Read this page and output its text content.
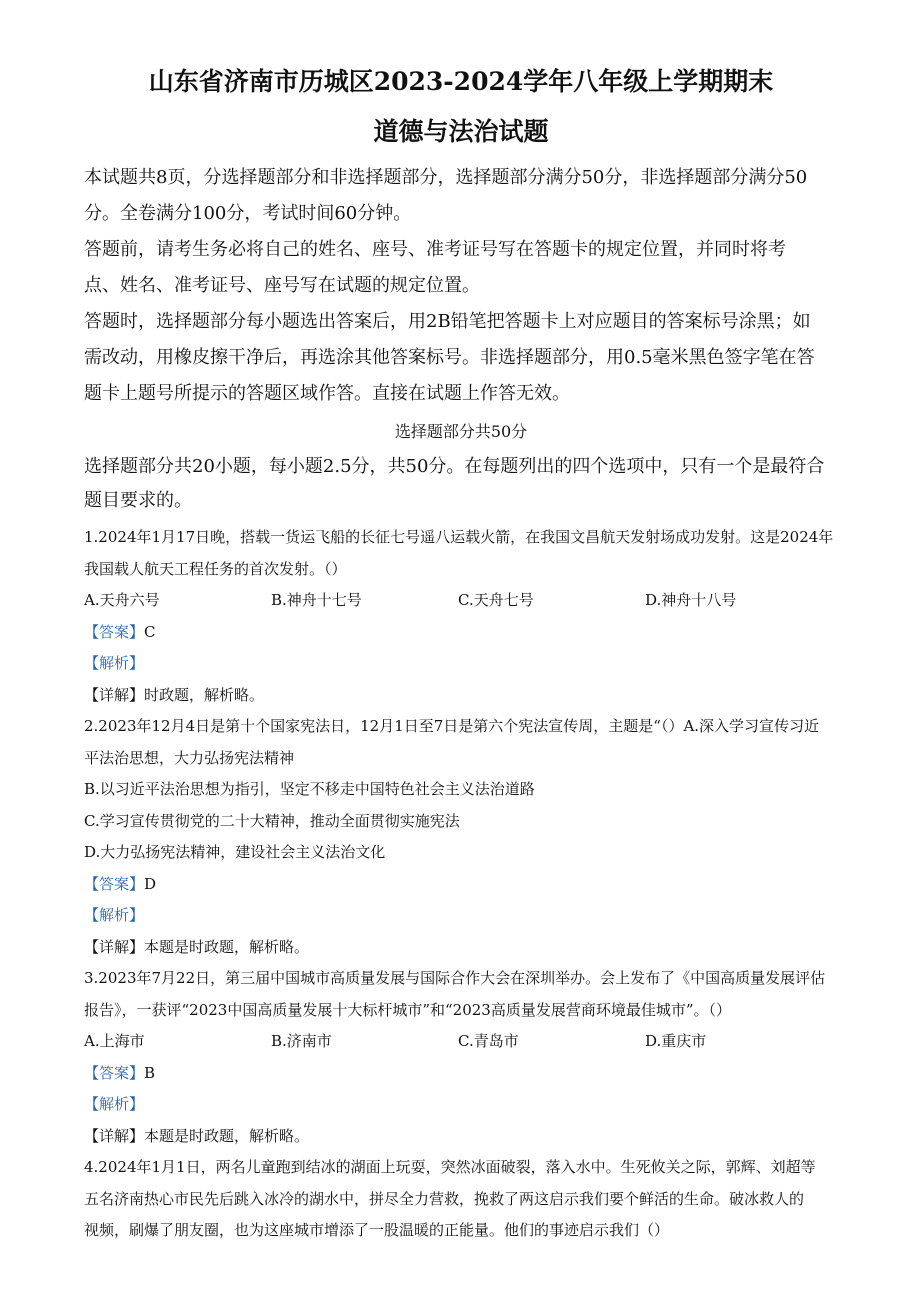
山东省济南市历城区2023-2024学年八年级上学期期末
道德与法治试题

本试题共8页，分选择题部分和非选择题部分，选择题部分满分50分，非选择题部分满分50

分。全卷满分100分，考试时间60分钟。

答题前，请考生务必将自己的姓名、座号、准考证号写在答题卡的规定位置，并同时将考

点、姓名、准考证号、座号写在试题的规定位置。

答题时，选择题部分每小题选出答案后，用2B铅笔把答题卡上对应题目的答案标号涂黑；如

需改动，用橡皮擦干净后，再选涂其他答案标号。非选择题部分，用0.5毫米黑色签字笔在答

题卡上题号所提示的答题区域作答。直接在试题上作答无效。

选择题部分共50分
选择题部分共20小题，每小题2.5分，共50分。在每题列出的四个选项中，只有一个是最符合
题目要求的。

1.2024年1月17日晚，搭载一货运飞船的长征七号遥八运载火箭，在我国文昌航天发射场成功发射。这是2024年

我国载人航天工程任务的首次发射。（）

A.天舟六号	B.神舟十七号	C.天舟七号	D.神舟十八号
【答案】C
【解析】
【详解】时政题，解析略。

2.2023年12月4日是第十个国家宪法日，12月1日至7日是第六个宪法宣传周，主题是“（）A.深入学习宣传习近

平法治思想，大力弘扬宪法精神

B.以习近平法治思想为指引，坚定不移走中国特色社会主义法治道路

C.学习宣传贯彻党的二十大精神，推动全面贯彻实施宪法

D.大力弘扬宪法精神，建设社会主义法治文化

【答案】D
【解析】
【详解】本题是时政题，解析略。

3.2023年7月22日，第三届中国城市高质量发展与国际合作大会在深圳举办。会上发布了《中国高质量发展评估

报告》，一获评“2023中国高质量发展十大标杆城市”和“2023高质量发展营商环境最佳城市”。（）

A.上海市	B.济南市	C.青岛市	D.重庆市
【答案】B
【解析】
【详解】本题是时政题，解析略。

4.2024年1月1日，两名儿童跑到结冰的湖面上玩耍，突然冰面破裂，落入水中。生死攸关之际，郭辉、刘超等

五名济南热心市民先后跳入冰冷的湖水中，拼尽全力营救，挽救了两这启示我们要个鲜活的生命。破冰救人的

视频，刷爆了朋友圈，也为这座城市增添了一股温暖的正能量。他们的事迹启示我们（）
